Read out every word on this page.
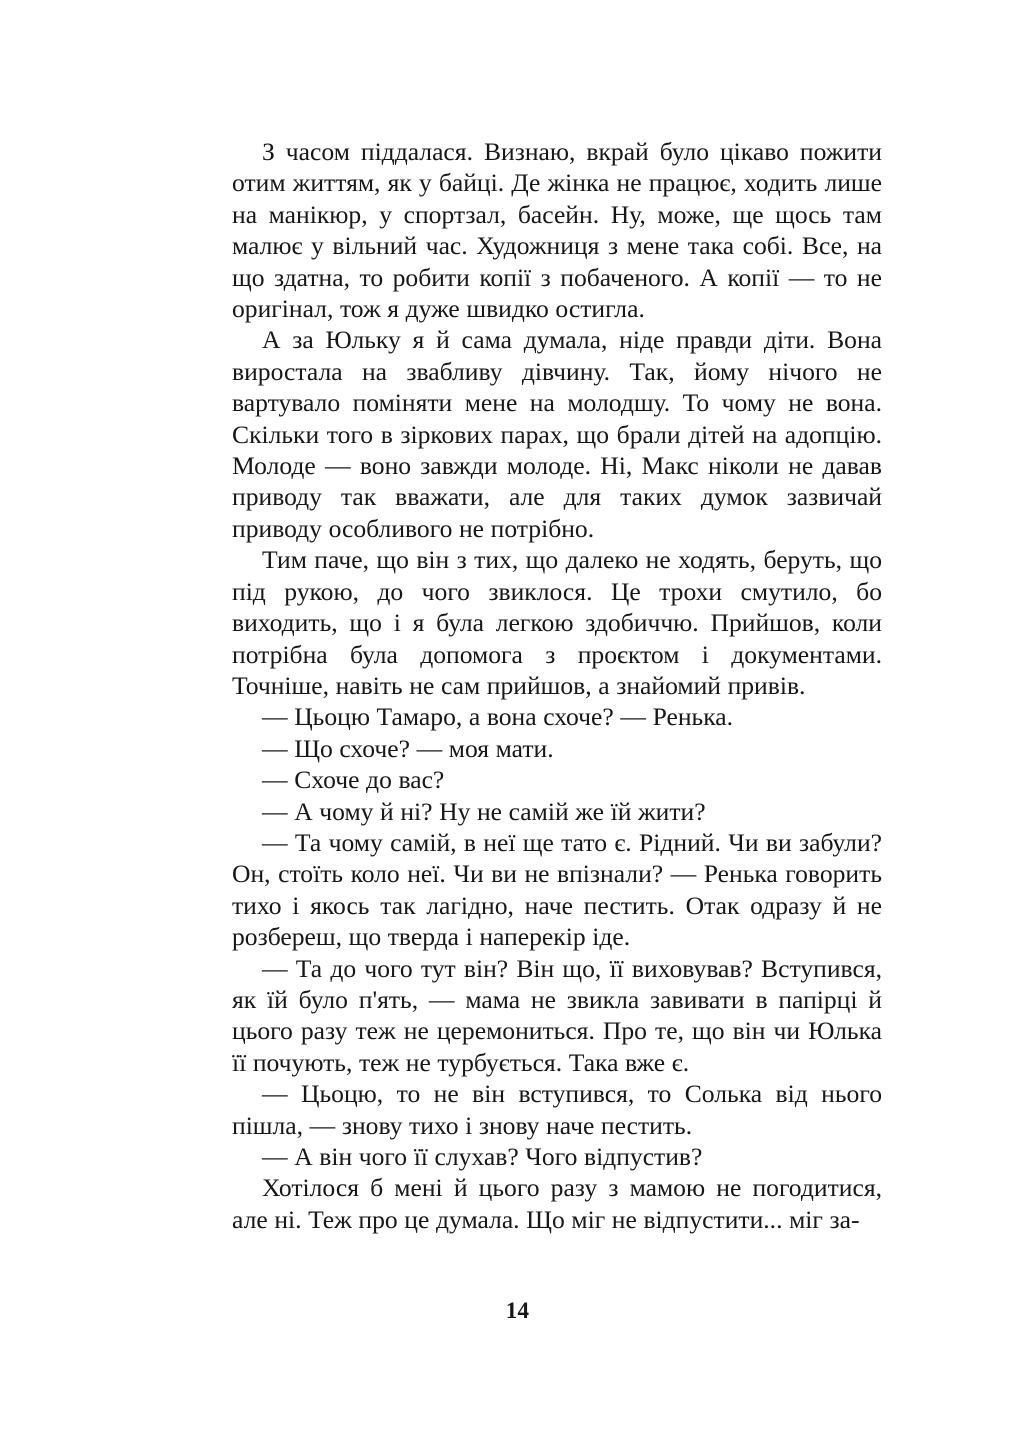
З часом піддалася. Визнаю, вкрай було цікаво пожити отим життям, як у байці. Де жінка не працює, ходить лише на манікюр, у спортзал, басейн. Ну, може, ще щось там малює у вільний час. Художниця з мене така собі. Все, на що здатна, то робити копії з побаченого. А копії — то не оригінал, тож я дуже швидко остигла.

А за Юльку я й сама думала, ніде правди діти. Вона виростала на звабливу дівчину. Так, йому нічого не вартувало поміняти мене на молодшу. То чому не вона. Скільки того в зіркових парах, що брали дітей на адопцію. Молоде — воно завжди молоде. Ні, Макс ніколи не давав приводу так вважати, але для таких думок зазвичай приводу особливого не потрібно.

Тим паче, що він з тих, що далеко не ходять, беруть, що під рукою, до чого звиклося. Це трохи смутило, бо виходить, що і я була легкою здобиччю. Прийшов, коли потрібна була допомога з проєктом і документами. Точніше, навіть не сам прийшов, а знайомий привів.

— Цьоцю Тамаро, а вона схоче? — Ренька.

— Що схоче? — моя мати.

— Схоче до вас?

— А чому й ні? Ну не самій же їй жити?

— Та чому самій, в неї ще тато є. Рідний. Чи ви забули? Он, стоїть коло неї. Чи ви не впізнали? — Ренька говорить тихо і якось так лагідно, наче пестить. Отак одразу й не розбереш, що тверда і наперекір іде.

— Та до чого тут він? Він що, її виховував? Вступився, як їй було п'ять, — мама не звикла завивати в папірці й цього разу теж не церемониться. Про те, що він чи Юлька її почують, теж не турбується. Така вже є.

— Цьоцю, то не він вступився, то Солька від нього пішла, — знову тихо і знову наче пестить.

— А він чого її слухав? Чого відпустив?

Хотілося б мені й цього разу з мамою не погодитися, але ні. Теж про це думала. Що міг не відпустити... міг за-

14
